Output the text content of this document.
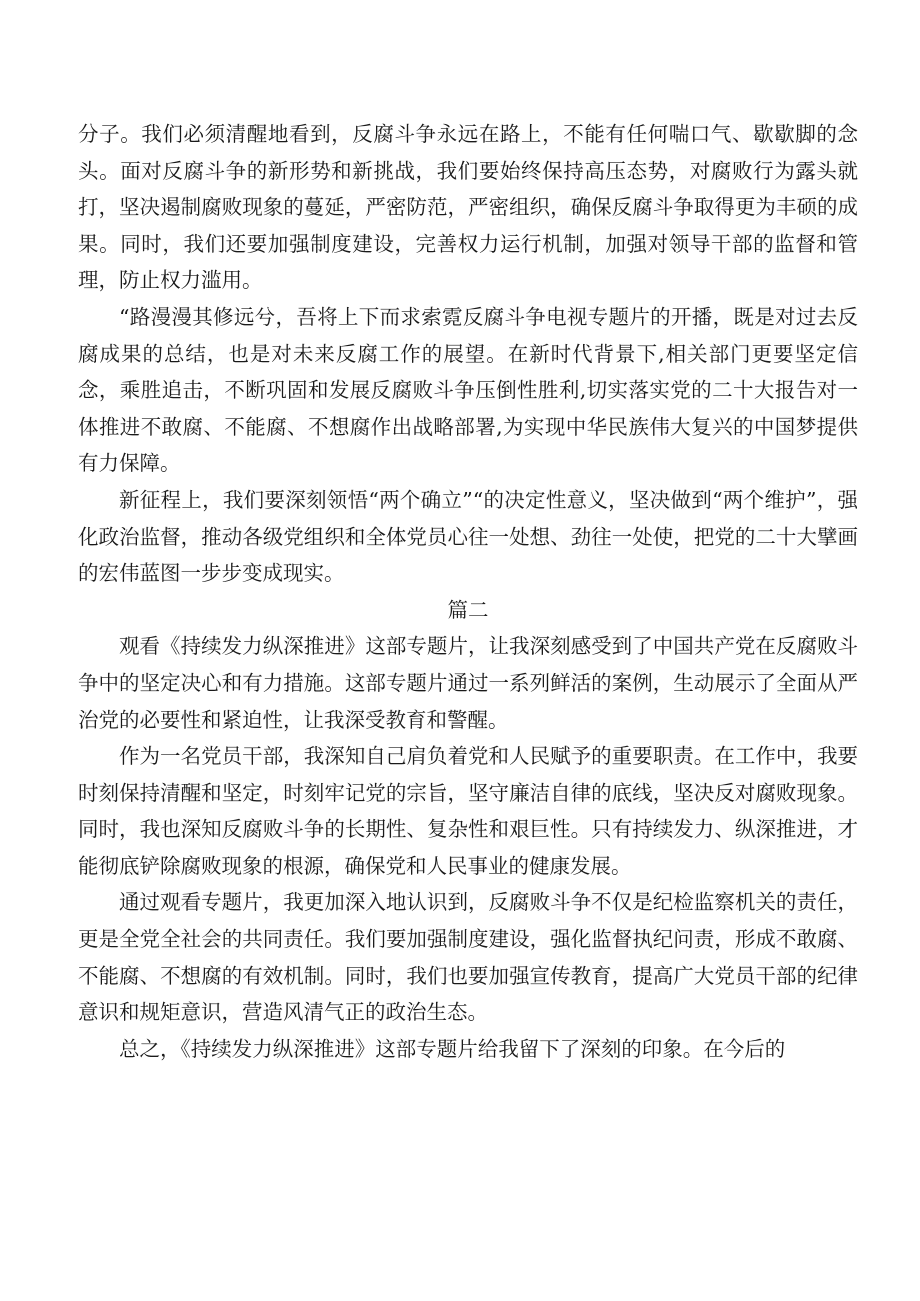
分子。我们必须清醒地看到，反腐斗争永远在路上，不能有任何喘口气、歇歇脚的念头。面对反腐斗争的新形势和新挑战，我们要始终保持高压态势，对腐败行为露头就打，坚决遏制腐败现象的蔓延，严密防范，严密组织，确保反腐斗争取得更为丰硕的成果。同时，我们还要加强制度建设，完善权力运行机制，加强对领导干部的监督和管理，防止权力滥用。

“路漫漫其修远兮，吾将上下而求索霓反腐斗争电视专题片的开播，既是对过去反腐成果的总结，也是对未来反腐工作的展望。在新时代背景下,相关部门更要坚定信念，乘胜追击，不断巩固和发展反腐败斗争压倒性胜利,切实落实党的二十大报告对一体推进不敢腐、不能腐、不想腐作出战略部署,为实现中华民族伟大复兴的中国梦提供有力保障。

新征程上，我们要深刻领悟“两个确立”“的决定性意义，坚决做到“两个维护”，强化政治监督，推动各级党组织和全体党员心往一处想、劲往一处使，把党的二十大擘画的宏伟蓝图一步步变成现实。

篇二

观看《持续发力纵深推进》这部专题片，让我深刻感受到了中国共产党在反腐败斗争中的坚定决心和有力措施。这部专题片通过一系列鲜活的案例，生动展示了全面从严治党的必要性和紧迫性，让我深受教育和警醒。

作为一名党员干部，我深知自己肩负着党和人民赋予的重要职责。在工作中，我要时刻保持清醒和坚定，时刻牢记党的宗旨，坚守廉洁自律的底线，坚决反对腐败现象。同时，我也深知反腐败斗争的长期性、复杂性和艰巨性。只有持续发力、纵深推进，才能彻底铲除腐败现象的根源，确保党和人民事业的健康发展。

通过观看专题片，我更加深入地认识到，反腐败斗争不仅是纪检监察机关的责任，更是全党全社会的共同责任。我们要加强制度建设，强化监督执纪问责，形成不敢腐、不能腐、不想腐的有效机制。同时，我们也要加强宣传教育，提高广大党员干部的纪律意识和规矩意识，营造风清气正的政治生态。

总之，《持续发力纵深推进》这部专题片给我留下了深刻的印象。在今后的
